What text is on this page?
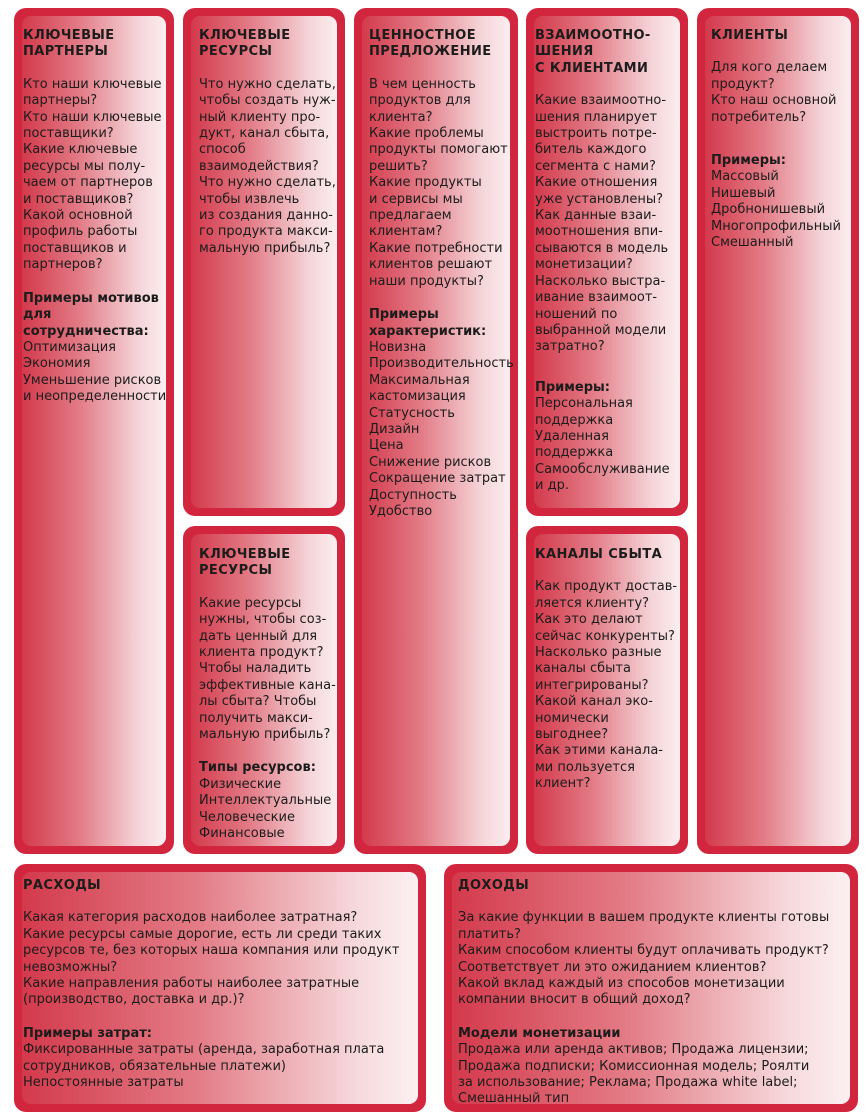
КЛЮЧЕВЫЕ
ПАРТНЕРЫ
Кто наши ключевые
партнеры?
Кто наши ключевые
поставщики?
Какие ключевые
ресурсы мы полу-
чаем от партнеров
и поставщиков?
Какой основной
профиль работы
поставщиков и
партнеров?
Примеры мотивов
для сотрудничества:
Оптимизация
Экономия
Уменьшение рисков
и неопределенности
КЛЮЧЕВЫЕ
РЕСУРСЫ
Что нужно сделать,
чтобы создать нуж-
ный клиенту про-
дукт, канал сбыта,
способ
взаимодействия?
Что нужно сделать,
чтобы извлечь
из создания данно-
го продукта макси-
мальную прибыль?
КЛЮЧЕВЫЕ
РЕСУРСЫ
Какие ресурсы
нужны, чтобы соз-
дать ценный для
клиента продукт?
Чтобы наладить
эффективные кана-
лы сбыта? Чтобы
получить макси-
мальную прибыль?
Типы ресурсов:
Физические
Интеллектуальные
Человеческие
Финансовые
ЦЕННОСТНОЕ
ПРЕДЛОЖЕНИЕ
В чем ценность
продуктов для
клиента?
Какие проблемы
продукты помогают
решить?
Какие продукты
и сервисы мы
предлагаем
клиентам?
Какие потребности
клиентов решают
наши продукты?
Примеры
характеристик:
Новизна
Производительность
Максимальная
кастомизация
Статусность
Дизайн
Цена
Снижение рисков
Сокращение затрат
Доступность
Удобство
ВЗАИМООТНО-
ШЕНИЯ
С КЛИЕНТАМИ
Какие взаимоотно-
шения планирует
выстроить потре-
битель каждого
сегмента с нами?
Какие отношения
уже установлены?
Как данные взаи-
моотношения впи-
сываются в модель
монетизации?
Насколько выстра-
ивание взаимоот-
ношений по
выбранной модели
затратно?
Примеры:
Персональная
поддержка
Удаленная
поддержка
Самообслуживание
и др.
КАНАЛЫ СБЫТА
Как продукт достав-
ляется клиенту?
Как это делают
сейчас конкуренты?
Насколько разные
каналы сбыта
интегрированы?
Какой канал эко-
номически
выгоднее?
Как этими канала-
ми пользуется
клиент?
КЛИЕНТЫ
Для кого делаем
продукт?
Кто наш основной
потребитель?
Примеры:
Массовый
Нишевый
Дробнонишевый
Многопрофильный
Смешанный
РАСХОДЫ
Какая категория расходов наиболее затратная?
Какие ресурсы самые дорогие, есть ли среди таких
ресурсов те, без которых наша компания или продукт
невозможны?
Какие направления работы наиболее затратные
(производство, доставка и др.)?
Примеры затрат:
Фиксированные затраты (аренда, заработная плата
сотрудников, обязательные платежи)
Непостоянные затраты
ДОХОДЫ
За какие функции в вашем продукте клиенты готовы
платить?
Каким способом клиенты будут оплачивать продукт?
Соответствует ли это ожиданием клиентов?
Какой вклад каждый из способов монетизации
компании вносит в общий доход?
Модели монетизации
Продажа или аренда активов; Продажа лицензии;
Продажа подписки; Комиссионная модель; Роялти
за использование; Реклама; Продажа white label;
Смешанный тип
